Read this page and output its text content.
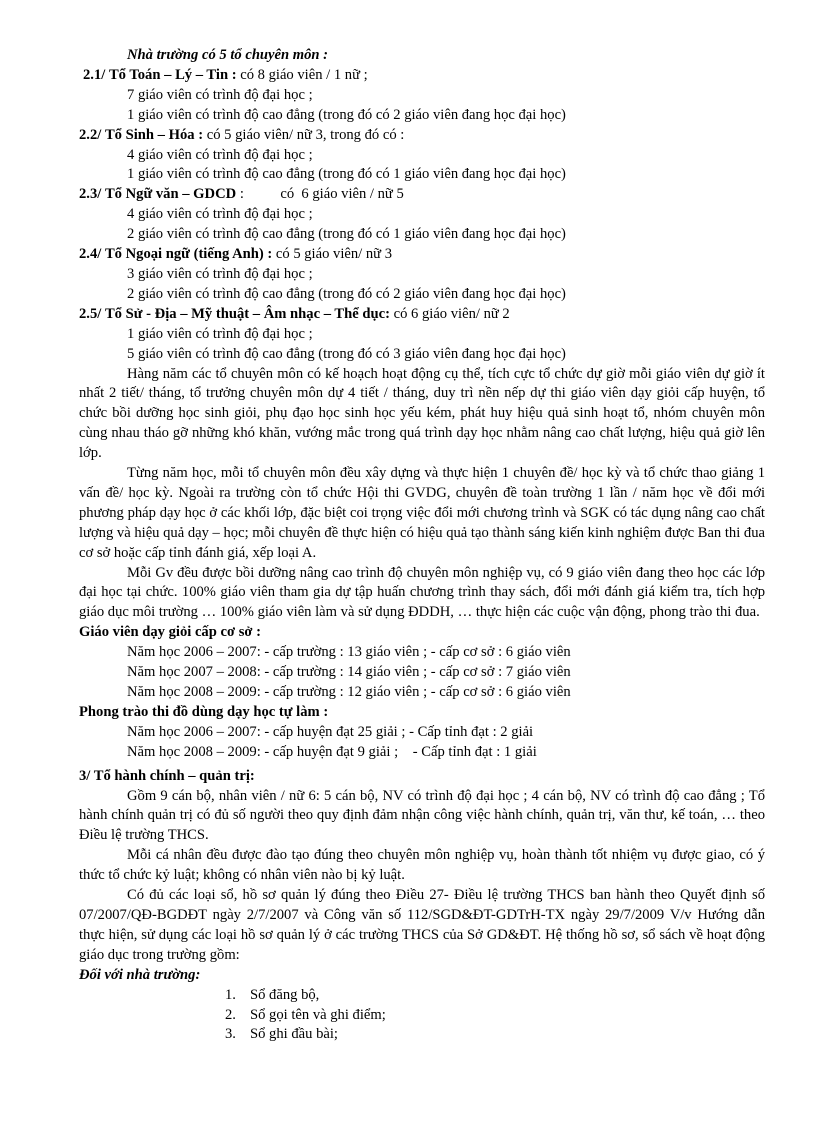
Nhà trường có 5 tổ chuyên môn :
2.1/ Tổ Toán – Lý – Tin : có 8 giáo viên / 1 nữ ;
7 giáo viên có trình độ đại học ;
1 giáo viên có trình độ cao đẳng (trong đó có 2 giáo viên đang học đại học)
2.2/ Tổ Sinh – Hóa : có 5 giáo viên/ nữ 3, trong đó có :
4 giáo viên có trình độ đại học ;
1 giáo viên có trình độ cao đẳng (trong đó có 1 giáo viên đang học đại học)
2.3/ Tổ Ngữ văn – GDCD :          có  6 giáo viên / nữ 5
4 giáo viên có trình độ đại học ;
2 giáo viên có trình độ cao đẳng (trong đó có 1 giáo viên đang học đại học)
2.4/ Tổ Ngoại ngữ (tiếng Anh) : có 5 giáo viên/ nữ 3
3 giáo viên có trình độ đại học ;
2 giáo viên có trình độ cao đẳng (trong đó có 2 giáo viên đang học đại học)
2.5/ Tổ Sử - Địa – Mỹ thuật – Âm nhạc – Thể dục: có 6 giáo viên/ nữ 2
1 giáo viên có trình độ đại học ;
5 giáo viên có trình độ cao đẳng (trong đó có 3 giáo viên đang học đại học)

Hàng năm các tổ chuyên môn có kế hoạch hoạt động cụ thể, tích cực tổ chức dự giờ mỗi giáo viên dự giờ ít nhất 2 tiết/ tháng, tổ trưởng chuyên môn dự 4 tiết / tháng, duy trì nền nếp dự thi giáo viên dạy giỏi cấp huyện, tổ chức bồi dưỡng học sinh giỏi, phụ đạo học sinh học yếu kém, phát huy hiệu quả sinh hoạt tổ, nhóm chuyên môn cùng nhau tháo gỡ những khó khăn, vướng mắc trong quá trình dạy học nhằm nâng cao chất lượng, hiệu quả giờ lên lớp.

Từng năm học, mỗi tổ chuyên môn đều xây dựng và thực hiện 1 chuyên đề/ học kỳ và tổ chức thao giảng 1 vấn đề/ học kỳ. Ngoài ra trường còn tổ chức Hội thi GVDG, chuyên đề toàn trường 1 lần / năm học về đổi mới phương pháp dạy học ở các khối lớp, đặc biệt coi trọng việc đổi mới chương trình và SGK có tác dụng nâng cao chất lượng và hiệu quả dạy – học; mỗi chuyên đề thực hiện có hiệu quả tạo thành sáng kiến kinh nghiệm được Ban thi đua cơ sở hoặc cấp tỉnh đánh giá, xếp loại A.

Mỗi Gv đều được bồi dưỡng nâng cao trình độ chuyên môn nghiệp vụ, có 9 giáo viên đang theo học các lớp đại học tại chức. 100% giáo viên tham gia dự tập huấn chương trình thay sách, đổi mới đánh giá kiểm tra, tích hợp giáo dục môi trường … 100% giáo viên làm và sử dụng ĐDDH, … thực hiện các cuộc vận động, phong trào thi đua.

Giáo viên dạy giỏi cấp cơ sở :
Năm học 2006 – 2007: - cấp trường : 13 giáo viên ; - cấp cơ sở : 6 giáo viên
Năm học 2007 – 2008: - cấp trường : 14 giáo viên ; - cấp cơ sở : 7 giáo viên
Năm học 2008 – 2009: - cấp trường : 12 giáo viên ; - cấp cơ sở : 6 giáo viên
Phong trào thi đồ dùng dạy học tự làm :
Năm học 2006 – 2007: - cấp huyện đạt 25 giải ; - Cấp tỉnh đạt : 2 giải
Năm học 2008 – 2009: - cấp huyện đạt 9 giải ;    - Cấp tỉnh đạt : 1 giải
3/ Tổ hành chính – quản trị:

Gồm 9 cán bộ, nhân viên / nữ 6: 5 cán bộ, NV có trình độ đại học ; 4 cán bộ, NV có trình độ cao đẳng ; Tổ hành chính quản trị có đủ số người theo quy định đảm nhận công việc hành chính, quản trị, văn thư, kế toán, … theo Điều lệ trường THCS.

Mỗi cá nhân đều được đào tạo đúng theo chuyên môn nghiệp vụ, hoàn thành tốt nhiệm vụ được giao, có ý thức tổ chức kỷ luật; không có nhân viên nào bị kỷ luật.

Có đủ các loại sổ, hồ sơ quản lý đúng theo Điều 27- Điều lệ trường THCS ban hành theo Quyết định số 07/2007/QĐ-BGDĐT ngày 2/7/2007 và Công văn số 112/SGD&ĐT-GDTrH-TX ngày 29/7/2009 V/v Hướng dẫn thực hiện, sử dụng các loại hồ sơ quản lý ở các trường THCS của Sở GD&ĐT. Hệ thống hồ sơ, sổ sách về hoạt động giáo dục trong trường gồm:

Đối với nhà trường:
1. Sổ đăng bộ,
2. Sổ gọi tên và ghi điểm;
3. Sổ ghi đầu bài;
